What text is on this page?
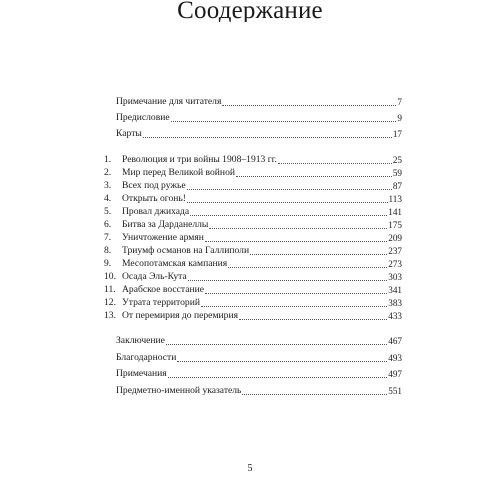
Соодержание
Примечание для читателя	7
Предисловие	9
Карты	17
1.	Революция и три войны 1908–1913 гг.	25
2.	Мир перед Великой войной	59
3.	Всех под ружье	87
4.	Открыть огонь!	113
5.	Провал джихада	141
6.	Битва за Дарданеллы	175
7.	Уничтожение армян	209
8.	Триумф османов на Галлиполи	237
9.	Месопотамская кампания	273
10. Осада Эль-Кута	303
11. Арабское восстание	341
12. Утрата территорий	383
13. От перемирия до перемирия	433
Заключение	467
Благодарности	493
Примечания	497
Предметно-именной указатель	551
5
